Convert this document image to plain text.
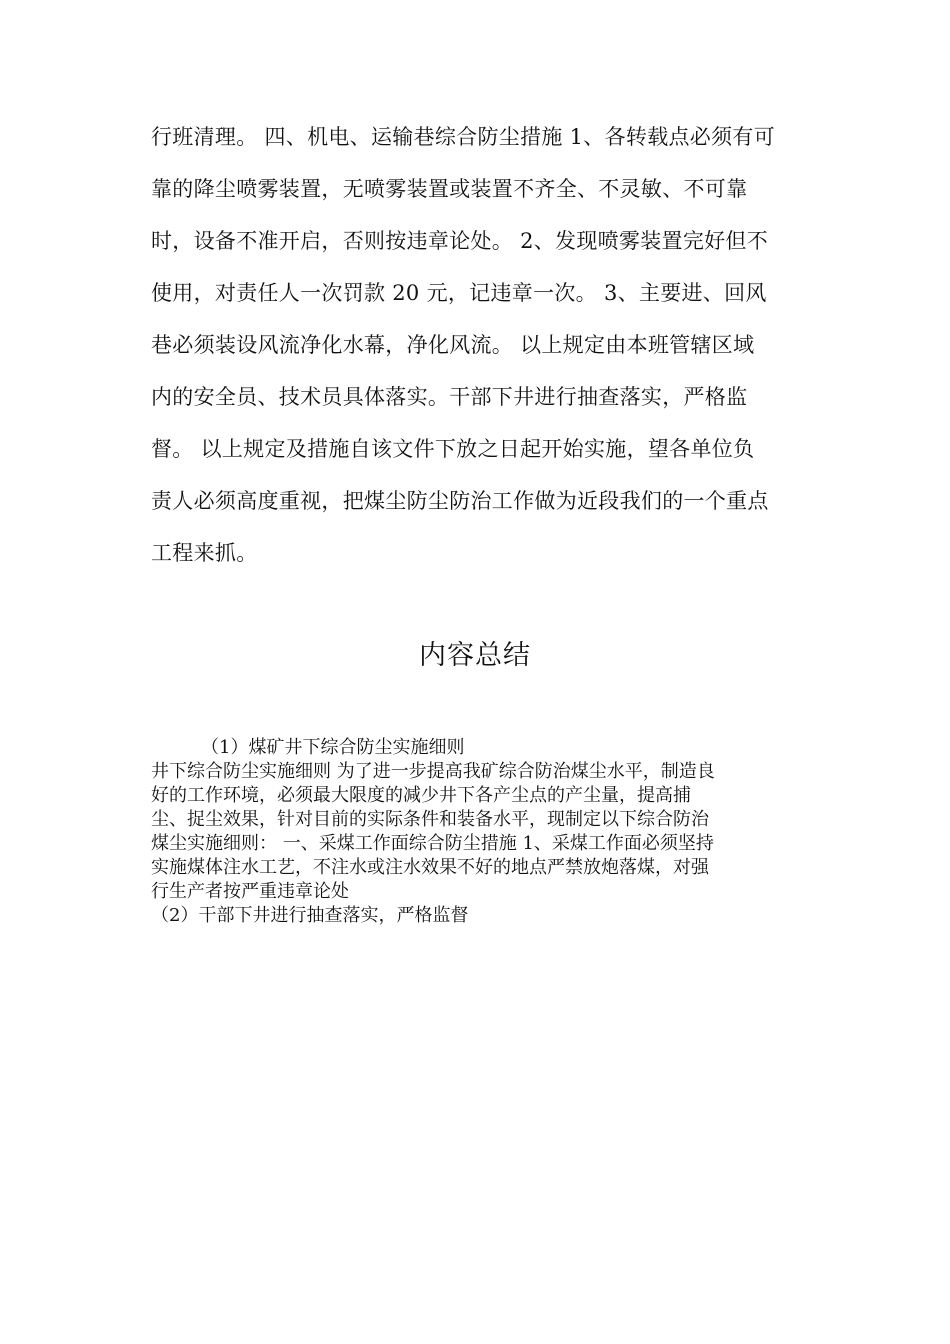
行班清理。 四、机电、运输巷综合防尘措施 1、各转载点必须有可
靠的降尘喷雾装置，无喷雾装置或装置不齐全、不灵敏、不可靠
时，设备不准开启，否则按违章论处。 2、发现喷雾装置完好但不
使用，对责任人一次罚款 20 元，记违章一次。 3、主要进、回风
巷必须装设风流净化水幕，净化风流。 以上规定由本班管辖区域
内的安全员、技术员具体落实。干部下井进行抽查落实，严格监
督。 以上规定及措施自该文件下放之日起开始实施，望各单位负
责人必须高度重视，把煤尘防尘防治工作做为近段我们的一个重点
工程来抓。
内容总结
（1）煤矿井下综合防尘实施细则
井下综合防尘实施细则 为了进一步提高我矿综合防治煤尘水平，制造良
好的工作环境，必须最大限度的减少井下各产尘点的产尘量，提高捕
尘、捉尘效果，针对目前的实际条件和装备水平，现制定以下综合防治
煤尘实施细则： 一、采煤工作面综合防尘措施 1、采煤工作面必须坚持
实施煤体注水工艺，不注水或注水效果不好的地点严禁放炮落煤，对强
行生产者按严重违章论处
（2）干部下井进行抽查落实，严格监督
